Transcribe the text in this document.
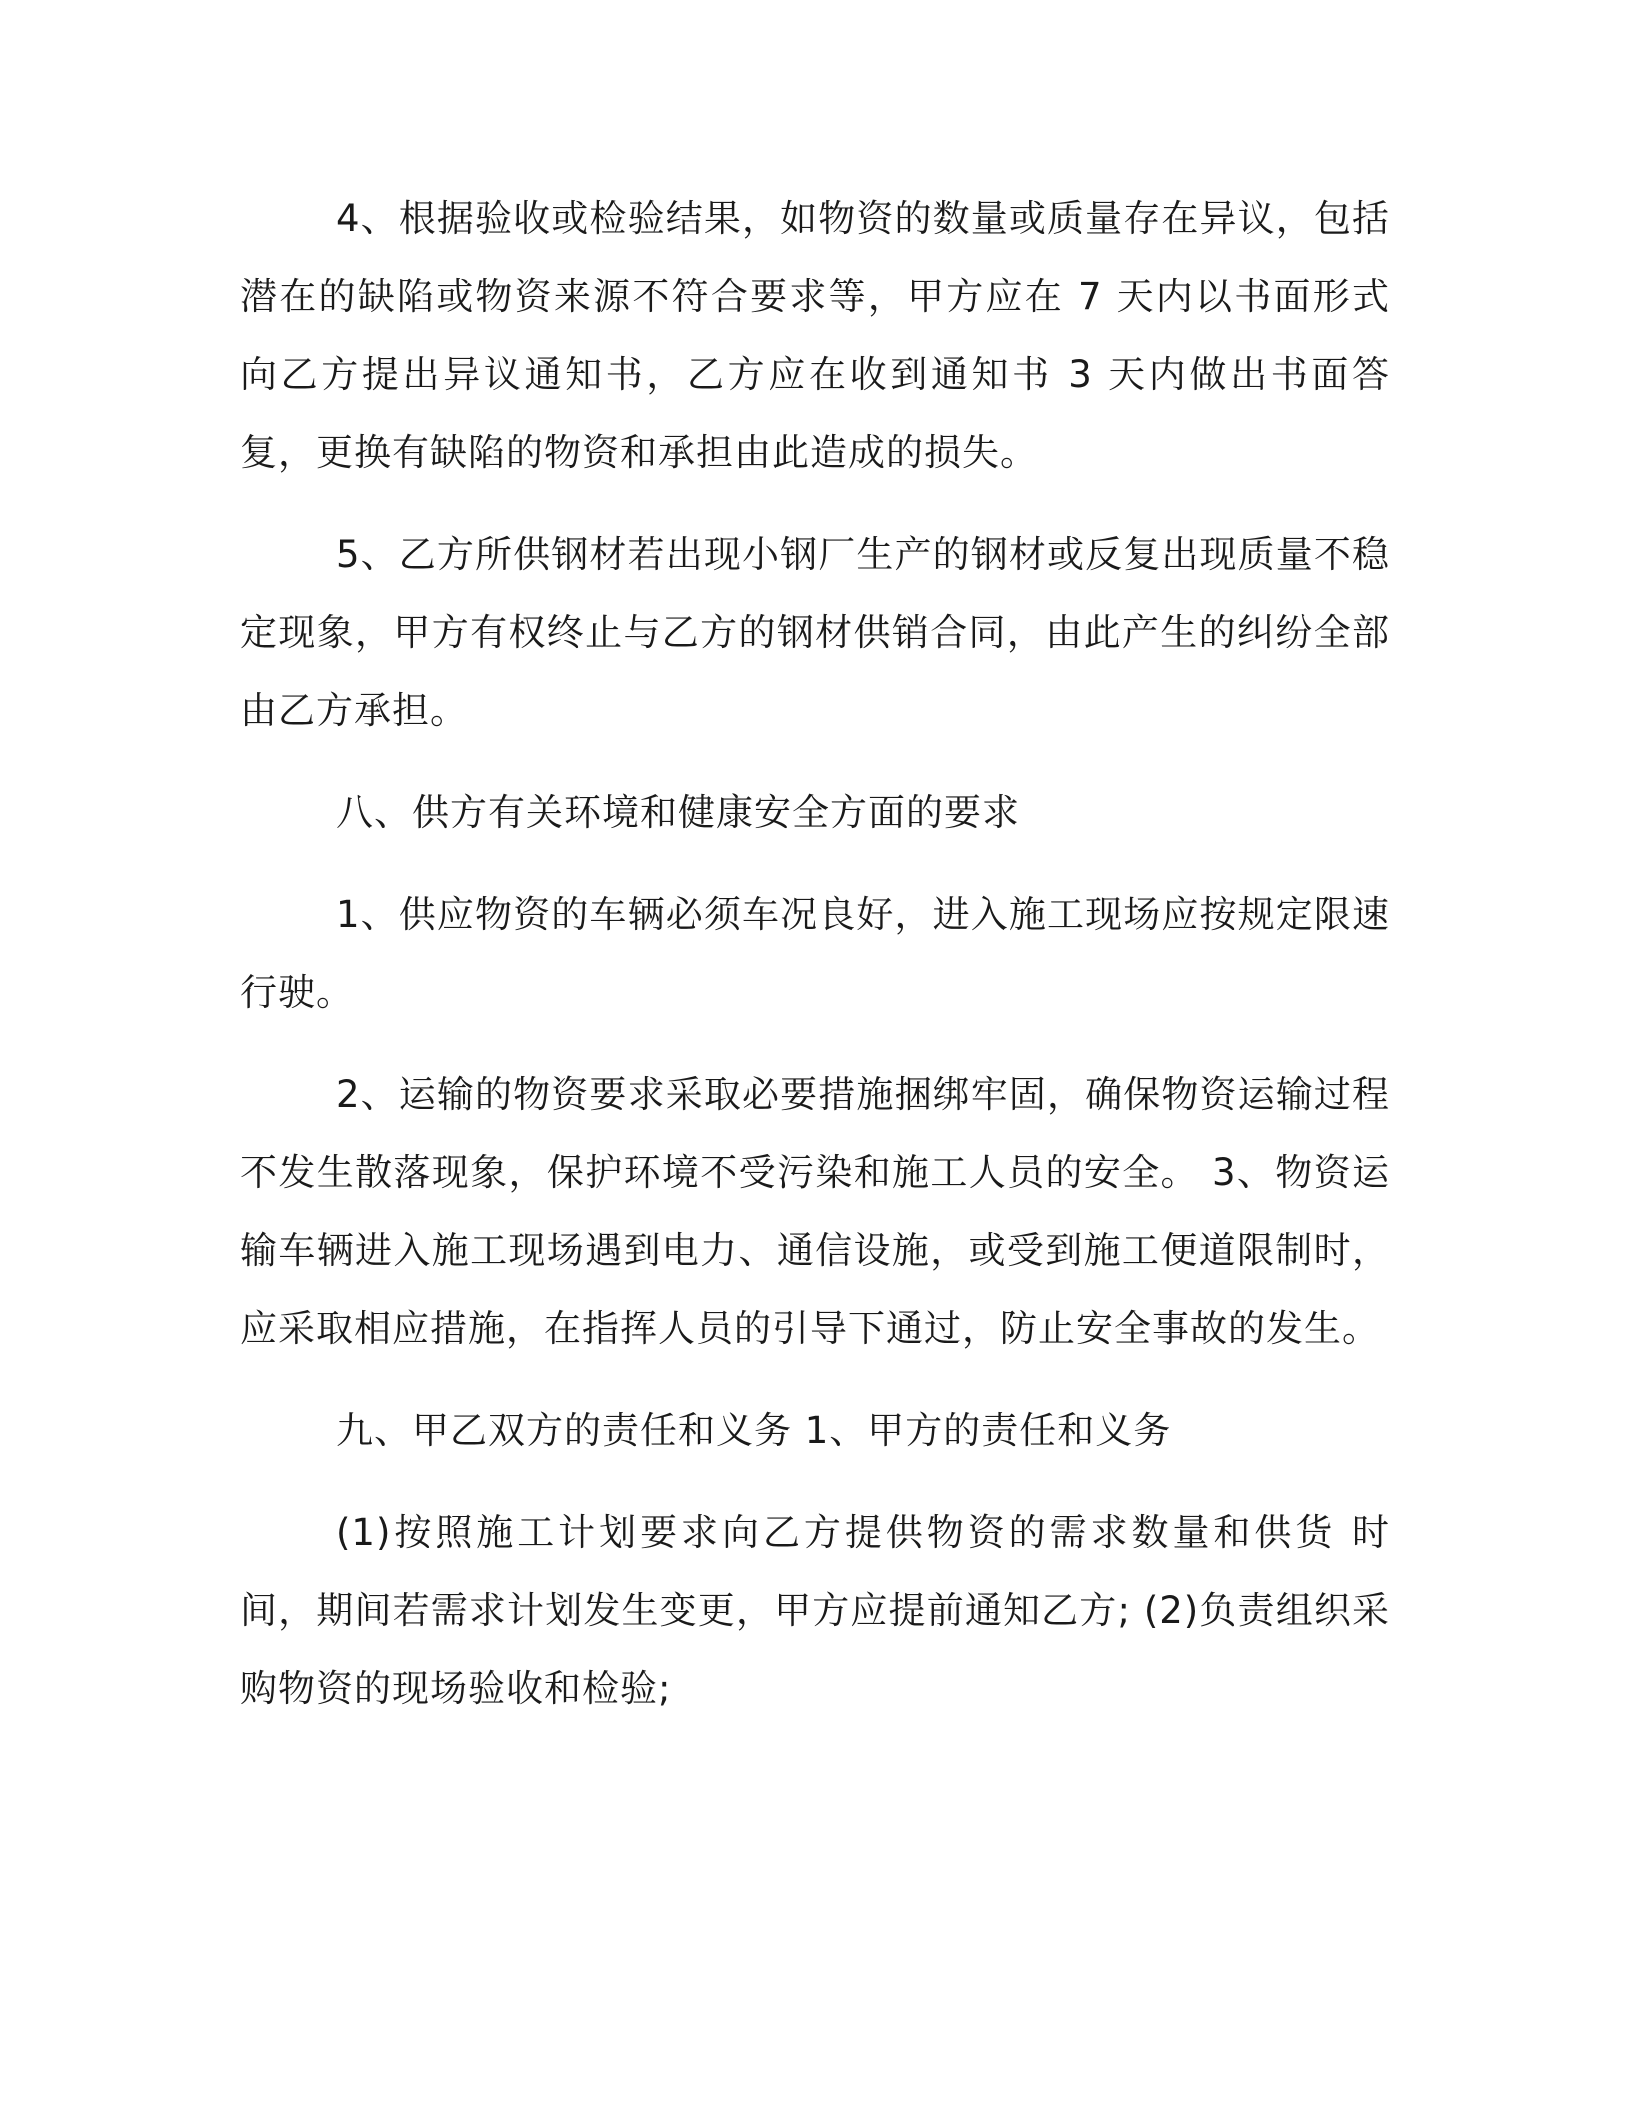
4、根据验收或检验结果，如物资的数量或质量存在异议，包括潜在的缺陷或物资来源不符合要求等，甲方应在 7 天内以书面形式向乙方提出异议通知书，乙方应在收到通知书 3 天内做出书面答复，更换有缺陷的物资和承担由此造成的损失。

5、乙方所供钢材若出现小钢厂生产的钢材或反复出现质量不稳定现象，甲方有权终止与乙方的钢材供销合同，由此产生的纠纷全部由乙方承担。

八、供方有关环境和健康安全方面的要求

1、供应物资的车辆必须车况良好，进入施工现场应按规定限速行驶。

2、运输的物资要求采取必要措施捆绑牢固，确保物资运输过程不发生散落现象，保护环境不受污染和施工人员的安全。 3、物资运输车辆进入施工现场遇到电力、通信设施，或受到施工便道限制时，应采取相应措施，在指挥人员的引导下通过，防止安全事故的发生。

九、甲乙双方的责任和义务 1、甲方的责任和义务

(1)按照施工计划要求向乙方提供物资的需求数量和供货 时间，期间若需求计划发生变更，甲方应提前通知乙方; (2)负责组织采购物资的现场验收和检验;
